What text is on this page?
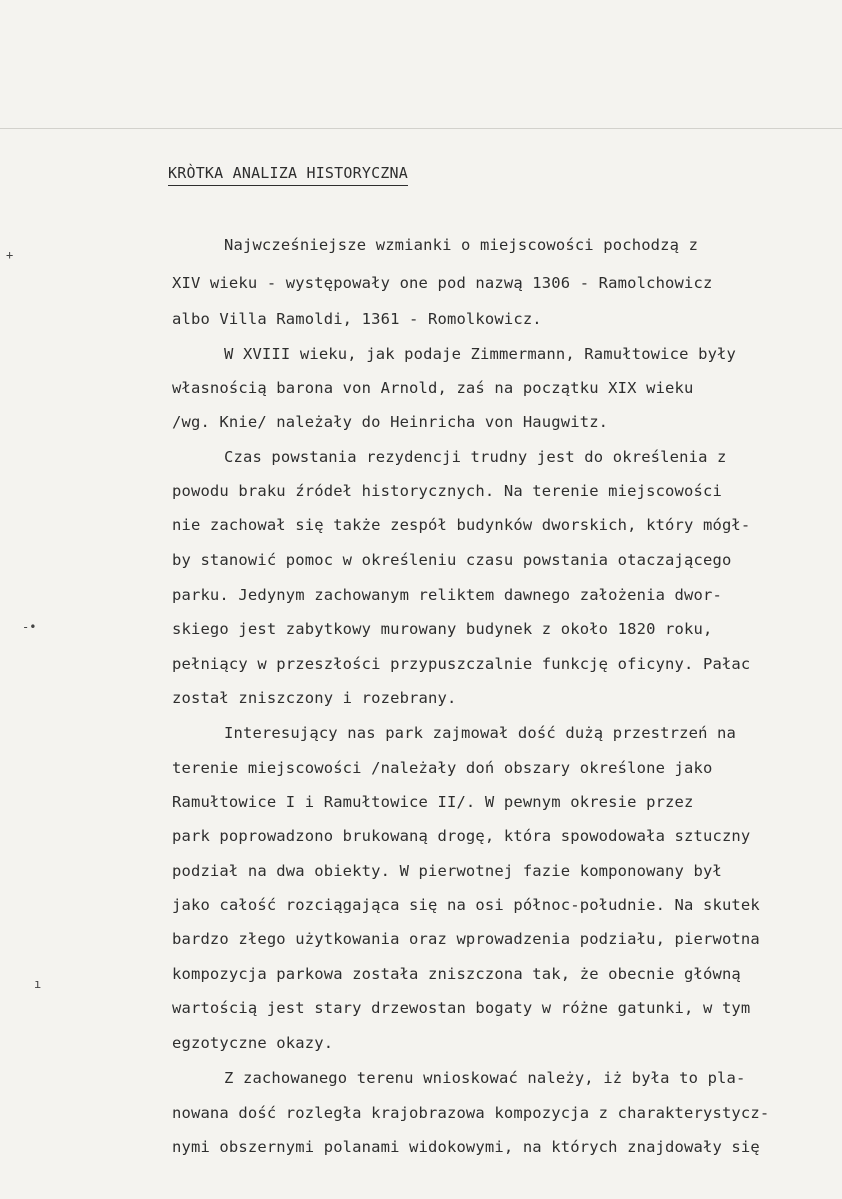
+
-•
ı
KRÒTKA ANALIZA HISTORYCZNA
Najwcześniejsze wzmianki o miejscowości pochodzą z
XIV wieku - występowały one pod nazwą 1306 - Ramolchowicz
albo Villa Ramoldi, 1361 - Romolkowicz.
W XVIII wieku, jak podaje Zimmermann, Ramułtowice były
własnością barona von Arnold, zaś na początku XIX wieku
/wg. Knie/ należały do Heinricha von Haugwitz.
Czas powstania rezydencji trudny jest do określenia z
powodu braku źródeł historycznych. Na terenie miejscowości
nie zachował się także zespół budynków dworskich, który mógł-
by stanowić pomoc w określeniu czasu powstania otaczającego
parku. Jedynym zachowanym reliktem dawnego założenia dwor-
skiego jest zabytkowy murowany budynek z około 1820 roku,
pełniący w przeszłości przypuszczalnie funkcję oficyny. Pałac
został zniszczony i rozebrany.
Interesujący nas park zajmował dość dużą przestrzeń na
terenie miejscowości /należały doń obszary określone jako
Ramułtowice I i Ramułtowice II/. W pewnym okresie przez
park poprowadzono brukowaną drogę, która spowodowała sztuczny
podział na dwa obiekty. W pierwotnej fazie komponowany był
jako całość rozciągająca się na osi północ-południe. Na skutek
bardzo złego użytkowania oraz wprowadzenia podziału, pierwotna
kompozycja parkowa została zniszczona tak, że obecnie główną
wartością jest stary drzewostan bogaty w różne gatunki, w tym
egzotyczne okazy.
Z zachowanego terenu wnioskować należy, iż była to pla-
nowana dość rozległa krajobrazowa kompozycja z charakterystycz-
nymi obszernymi polanami widokowymi, na których znajdowały się
